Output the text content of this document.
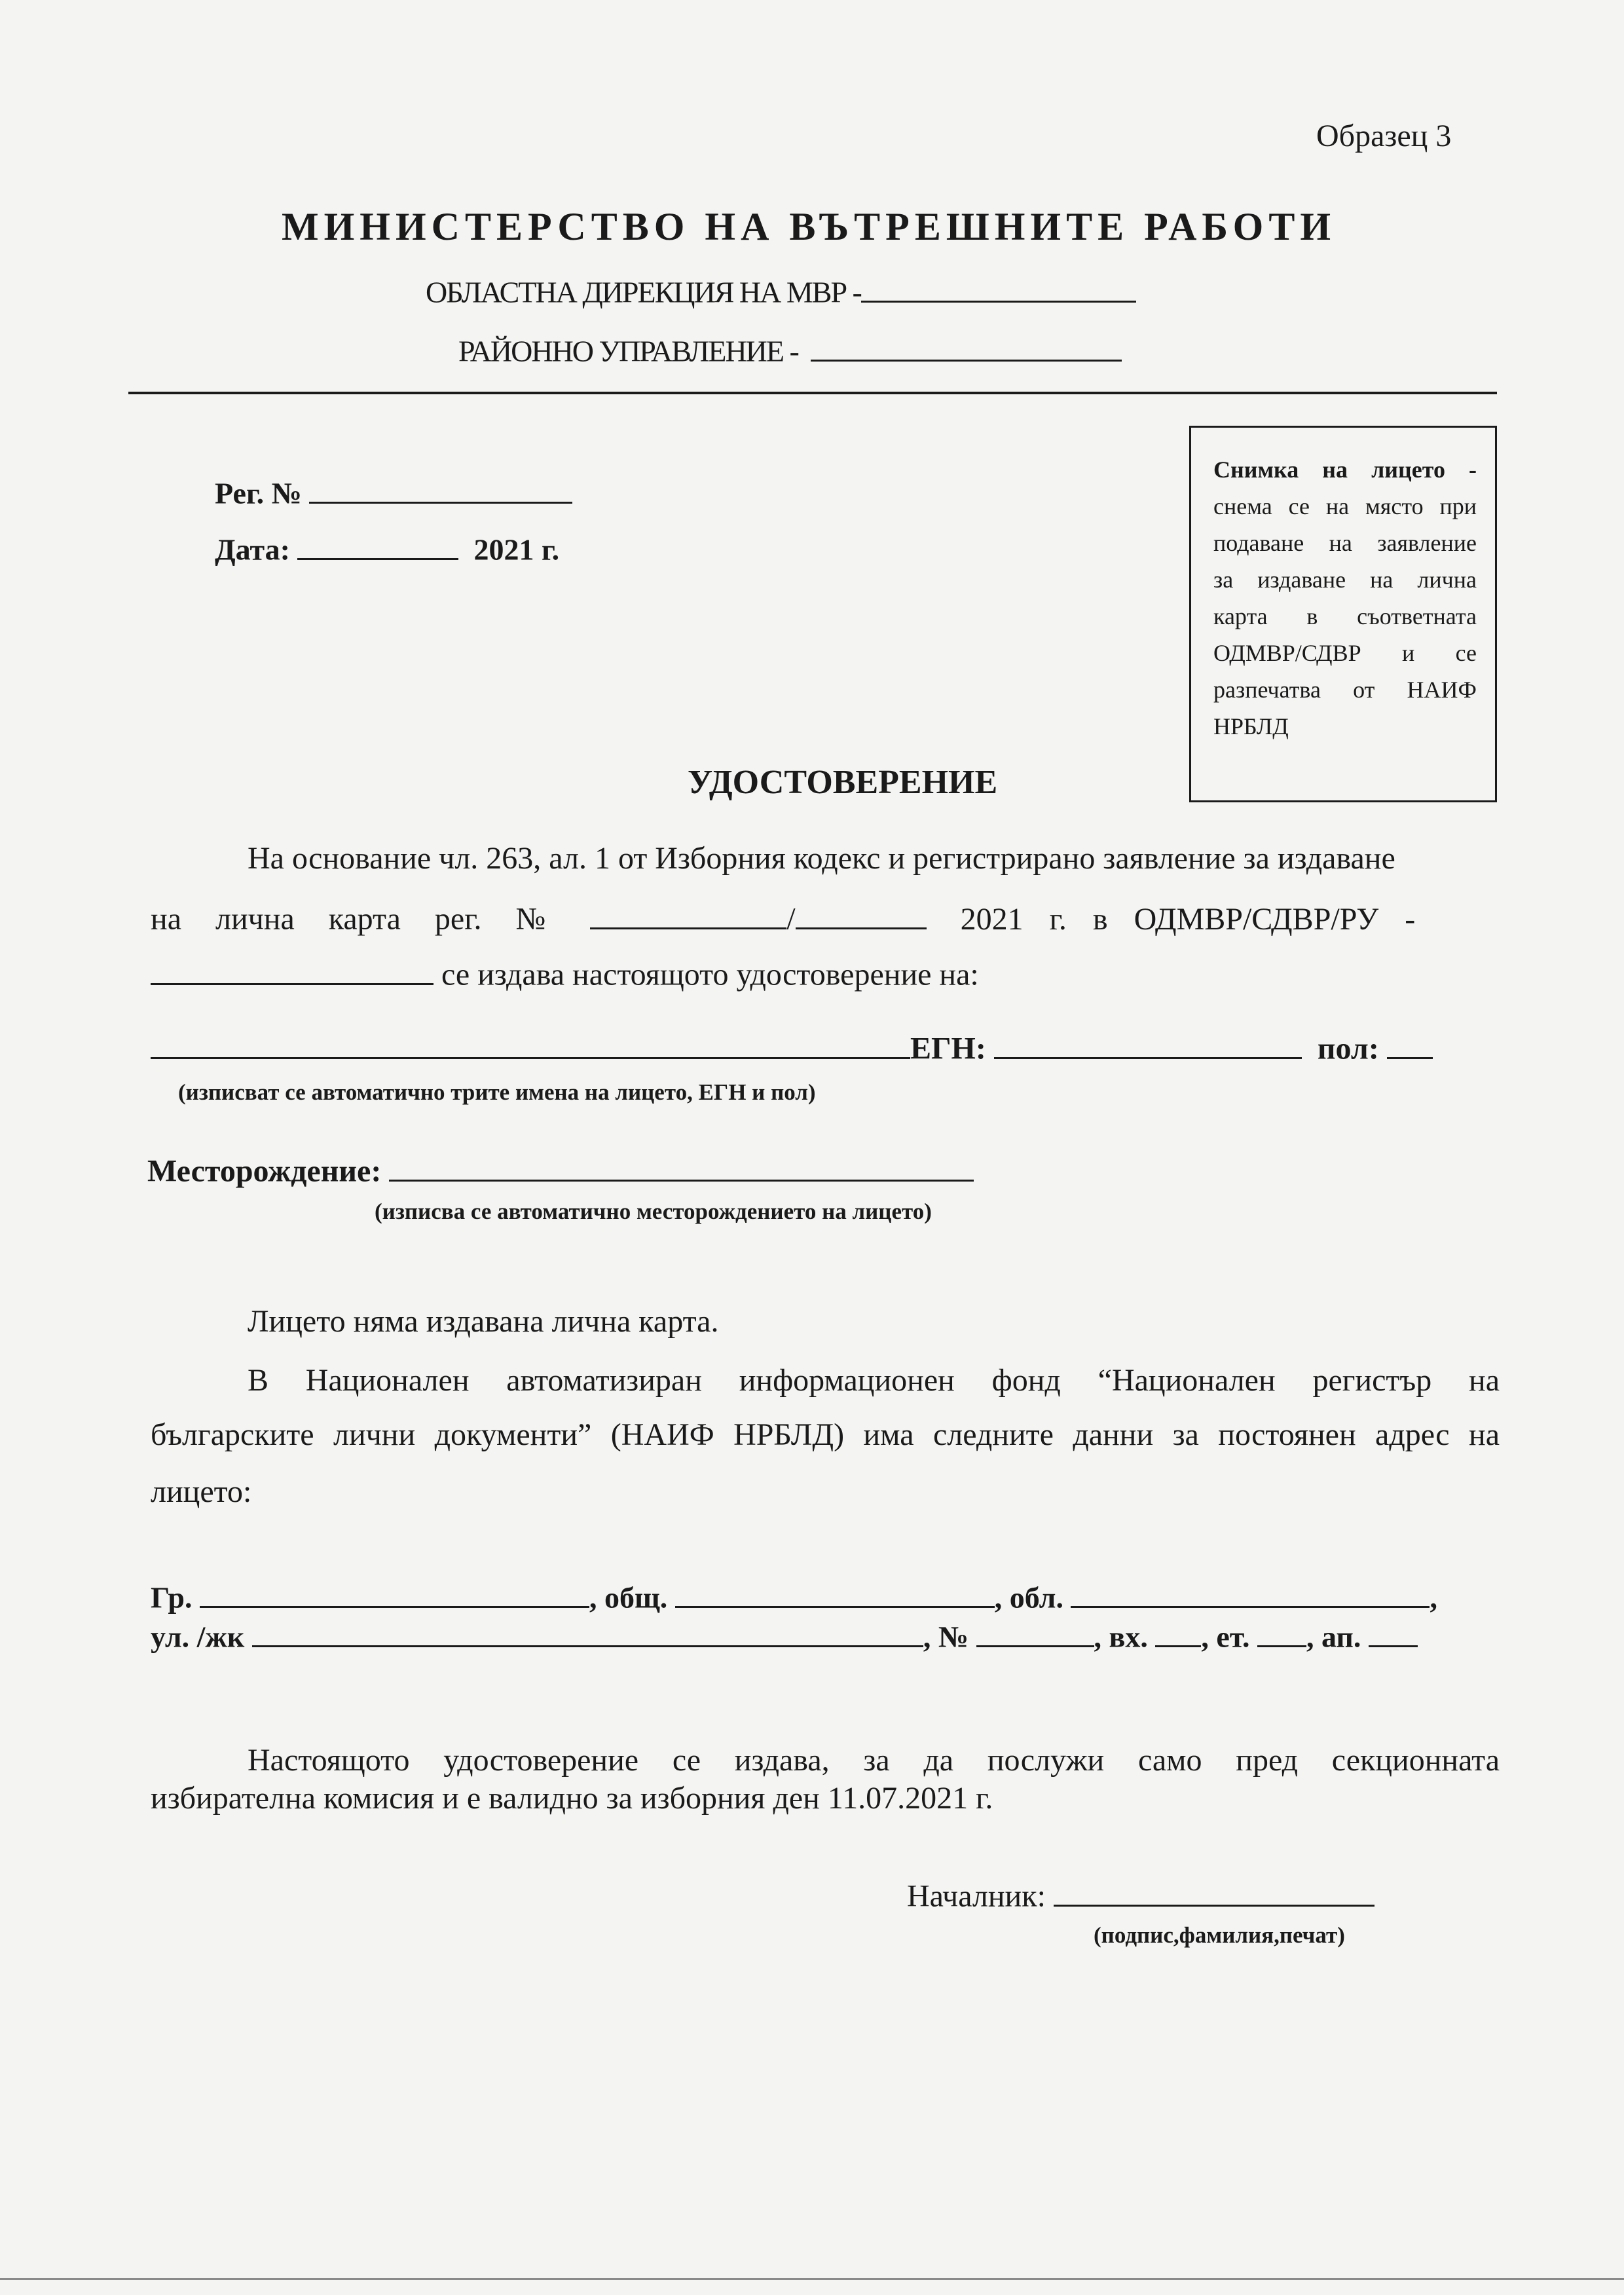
Образец 3
МИНИСТЕРСТВО НА ВЪТРЕШНИТЕ РАБОТИ
ОБЛАСТНА ДИРЕКЦИЯ НА МВР -
РАЙОННО УПРАВЛЕНИЕ -
Рег. №
Дата:	2021 г.
Снимка на лицето -
снема се на място при
подаване на заявление
за издаване на лична
карта в съответната
ОДМВР/СДВР и се
разпечатва от НАИФ
НРБЛД
УДОСТОВЕРЕНИЕ
На основание чл. 263, ал. 1 от Изборния кодекс и регистрирано заявление за издаване
на лична карта рег. №	/	2021 г. в ОДМВР/СДВР/РУ -
се издава настоящото удостоверение на:
ЕГН:	пол:
(изписват се автоматично трите имена на лицето, ЕГН и пол)
Месторождение:
(изписва се автоматично месторождението на лицето)
Лицето няма издавана лична карта.
В Национален автоматизиран информационен фонд “Национален регистър на
българските лични документи” (НАИФ НРБЛД) има следните данни за постоянен адрес на
лицето:
Гр.	, общ.	, обл.	,
ул. /жк	, №	, вх. , ет. , ап.
Настоящото удостоверение се издава, за да послужи само пред секционната
избирателна комисия и е валидно за изборния ден 11.07.2021 г.
Началник:
(подпис,фамилия,печат)
